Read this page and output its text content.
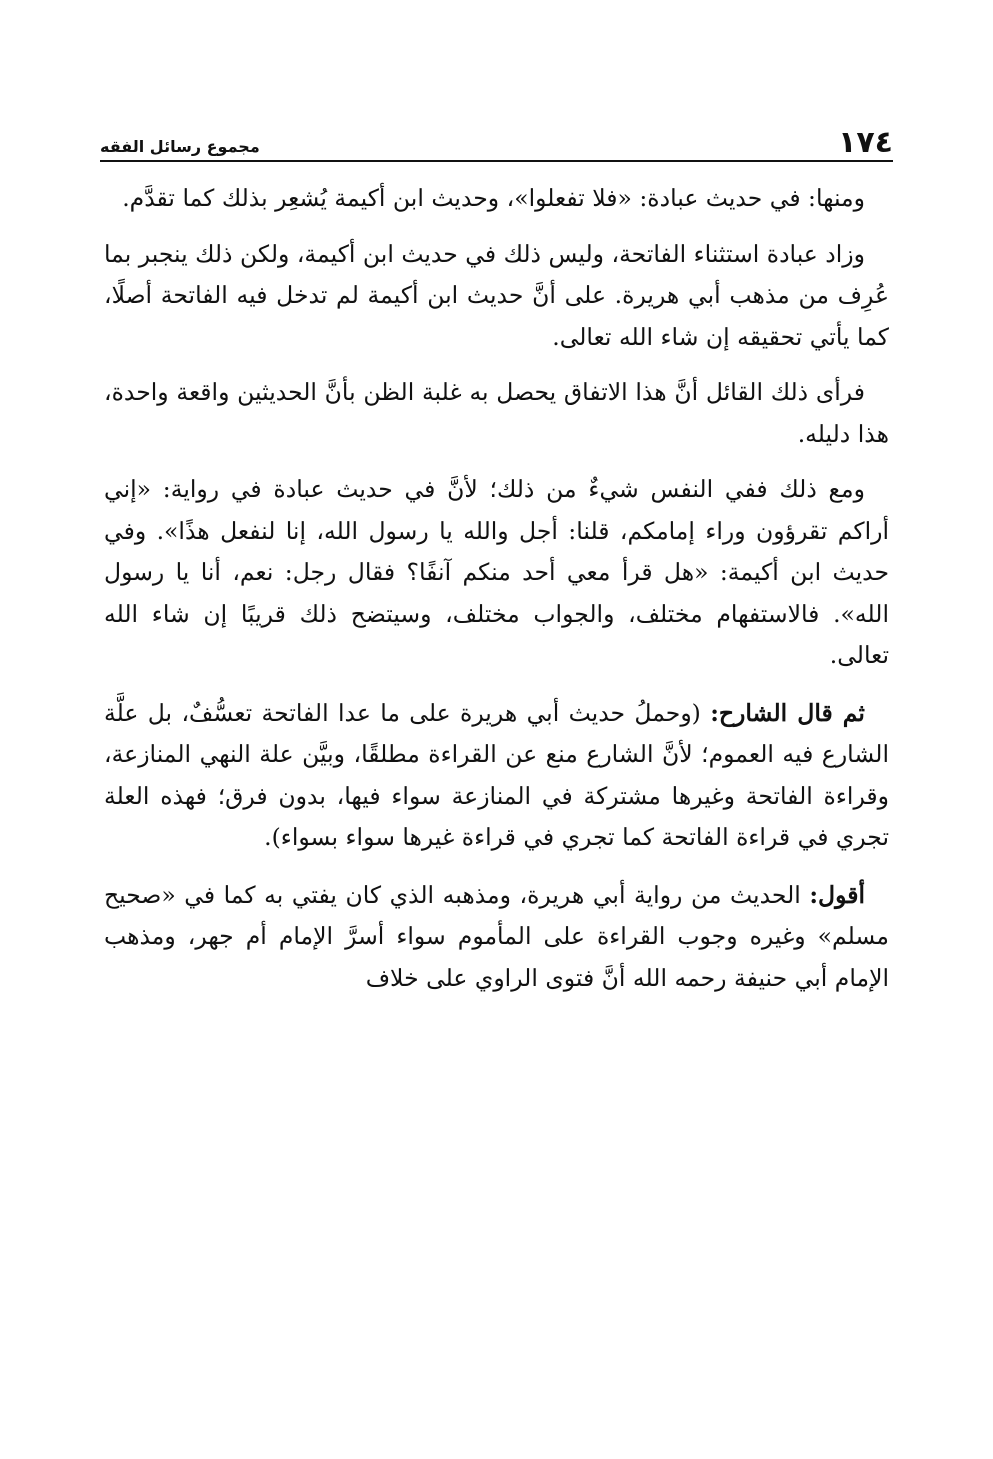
١٧٤
مجموع رسائل الفقه

ومنها: في حديث عبادة: «فلا تفعلوا»، وحديث ابن أكيمة يُشعِر بذلك كما تقدَّم.

وزاد عبادة استثناء الفاتحة، وليس ذلك في حديث ابن أكيمة، ولكن ذلك ينجبر بما عُرِف من مذهب أبي هريرة. على أنَّ حديث ابن أكيمة لم تدخل فيه الفاتحة أصلًا، كما يأتي تحقيقه إن شاء الله تعالى.

فرأى ذلك القائل أنَّ هذا الاتفاق يحصل به غلبة الظن بأنَّ الحديثين واقعة واحدة، هذا دليله.

ومع ذلك ففي النفس شيءٌ من ذلك؛ لأنَّ في حديث عبادة في رواية: «إني أراكم تقرؤون وراء إمامكم، قلنا: أجل والله يا رسول الله، إنا لنفعل هذًا». وفي حديث ابن أكيمة: «هل قرأ معي أحد منكم آنفًا؟ فقال رجل: نعم، أنا يا رسول الله». فالاستفهام مختلف، والجواب مختلف، وسيتضح ذلك قريبًا إن شاء الله تعالى.

ثم قال الشارح: (وحملُ حديث أبي هريرة على ما عدا الفاتحة تعسُّفٌ، بل علَّة الشارع فيه العموم؛ لأنَّ الشارع منع عن القراءة مطلقًا، وبيَّن علة النهي المنازعة، وقراءة الفاتحة وغيرها مشتركة في المنازعة سواء فيها، بدون فرق؛ فهذه العلة تجري في قراءة الفاتحة كما تجري في قراءة غيرها سواء بسواء).

أقول: الحديث من رواية أبي هريرة، ومذهبه الذي كان يفتي به كما في «صحيح مسلم» وغيره وجوب القراءة على المأموم سواء أسرَّ الإمام أم جهر، ومذهب الإمام أبي حنيفة رحمه الله أنَّ فتوى الراوي على خلاف
